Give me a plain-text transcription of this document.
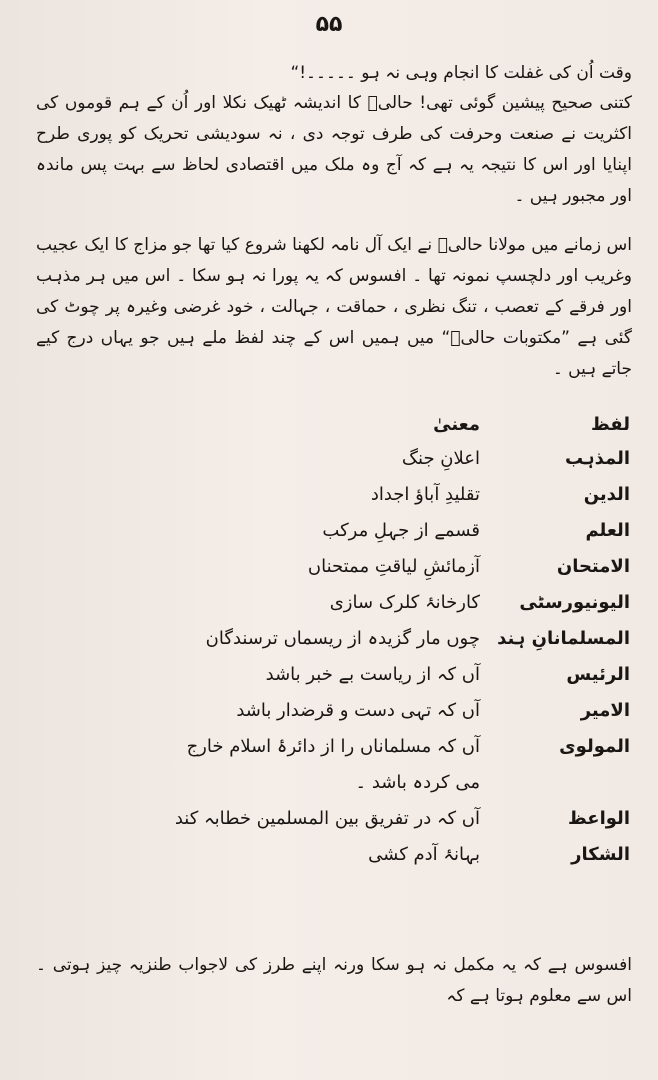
۵۵
وقت اُن کی غفلت کا انجام وہی نہ ہو ۔۔۔۔۔!“
کتنی صحیح پیشین گوئی تھی! حالیؔ کا اندیشہ ٹھیک نکلا اور اُن کے ہم قوموں کی اکثریت نے صنعت وحرفت کی طرف توجہ دی ، نہ سودیشی تحریک کو پوری طرح اپنایا اور اس کا نتیجہ یہ ہے کہ آج وہ ملک میں اقتصادی لحاظ سے بہت پس ماندہ اور مجبور ہیں ۔
اس زمانے میں مولانا حالیؔ نے ایک آل نامہ لکھنا شروع کیا تھا جو مزاج کا ایک عجیب وغریب اور دلچسپ نمونہ تھا ۔ افسوس کہ یہ پورا نہ ہو سکا ۔ اس میں ہر مذہب اور فرقے کے تعصب ، تنگ نظری ، حماقت ، جہالت ، خود غرضی وغیرہ پر چوٹ کی گئی ہے ”مکتوبات حالیؔ“ میں ہمیں اس کے چند لفظ ملے ہیں جو یہاں درج کیے جاتے ہیں ۔
لفظ
معنیٰ
المذہب
اعلانِ جنگ
الدین
تقلیدِ آباؤ اجداد
العلم
قسمے از جہلِ مرکب
الامتحان
آزمائشِ لیاقتِ ممتحناں
الیونیورسٹی
کارخانۂ کلرک سازی
المسلمانانِ ہند
چوں مار گزیدہ از ریسماں ترسندگان
الرئیس
آں کہ از ریاست بے خبر باشد
الامیر
آں کہ تہی دست و قرضدار باشد
المولوی
آں کہ مسلماناں را از دائرۂ اسلام خارج
می کردہ باشد ۔
الواعظ
آں کہ در تفریق بین المسلمین خطابہ کند
الشکار
بہانۂ آدم کشی
افسوس ہے کہ یہ مکمل نہ ہو سکا ورنہ اپنے طرز کی لاجواب طنزیہ چیز ہوتی ۔ اس سے معلوم ہوتا ہے کہ
